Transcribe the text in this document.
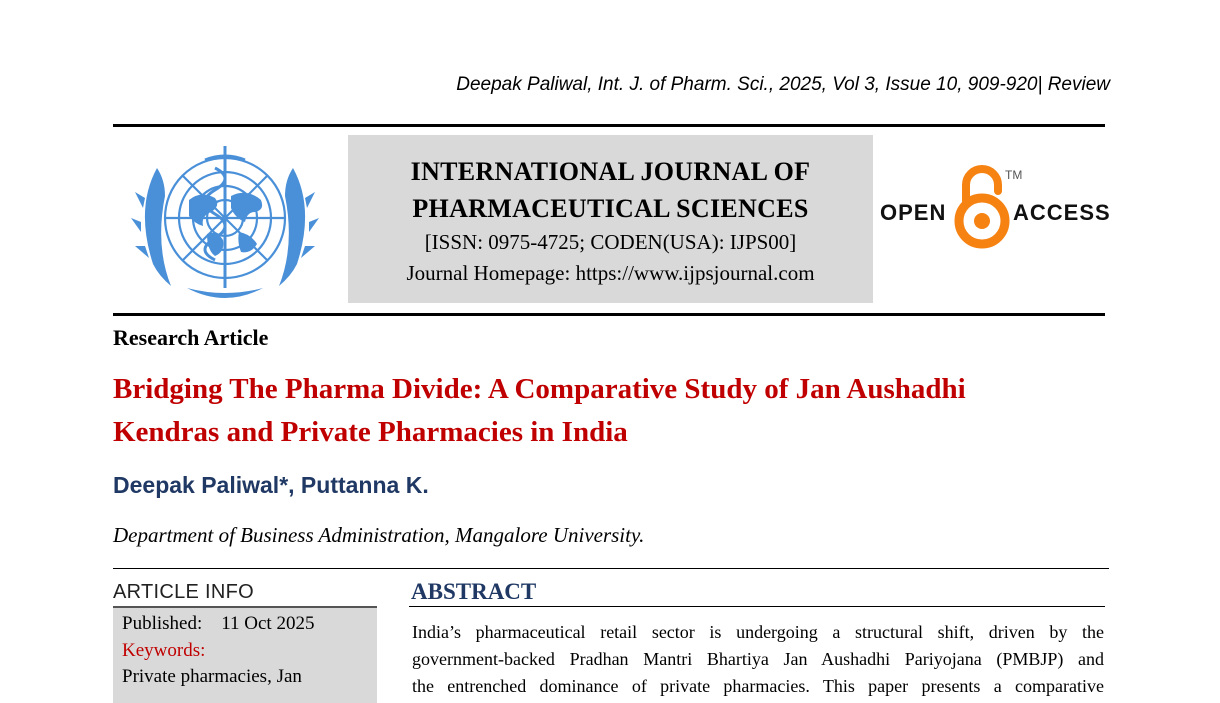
Deepak Paliwal, Int. J. of Pharm. Sci., 2025, Vol 3, Issue 10, 909-920| Review
INTERNATIONAL JOURNAL OF
PHARMACEUTICAL SCIENCES
[ISSN: 0975-4725; CODEN(USA): IJPS00]
Journal Homepage: https://www.ijpsjournal.com
OPEN
TM
ACCESS
Research Article
Bridging The Pharma Divide: A Comparative Study of Jan Aushadhi
Kendras and Private Pharmacies in India
Deepak Paliwal*, Puttanna K.
Department of Business Administration, Mangalore University.
ARTICLE INFO
Published: 11 Oct 2025
Keywords:
Private pharmacies, Jan
ABSTRACT
India’s pharmaceutical retail sector is undergoing a structural shift, driven by the
government-backed Pradhan Mantri Bhartiya Jan Aushadhi Pariyojana (PMBJP) and
the entrenched dominance of private pharmacies. This paper presents a comparative
